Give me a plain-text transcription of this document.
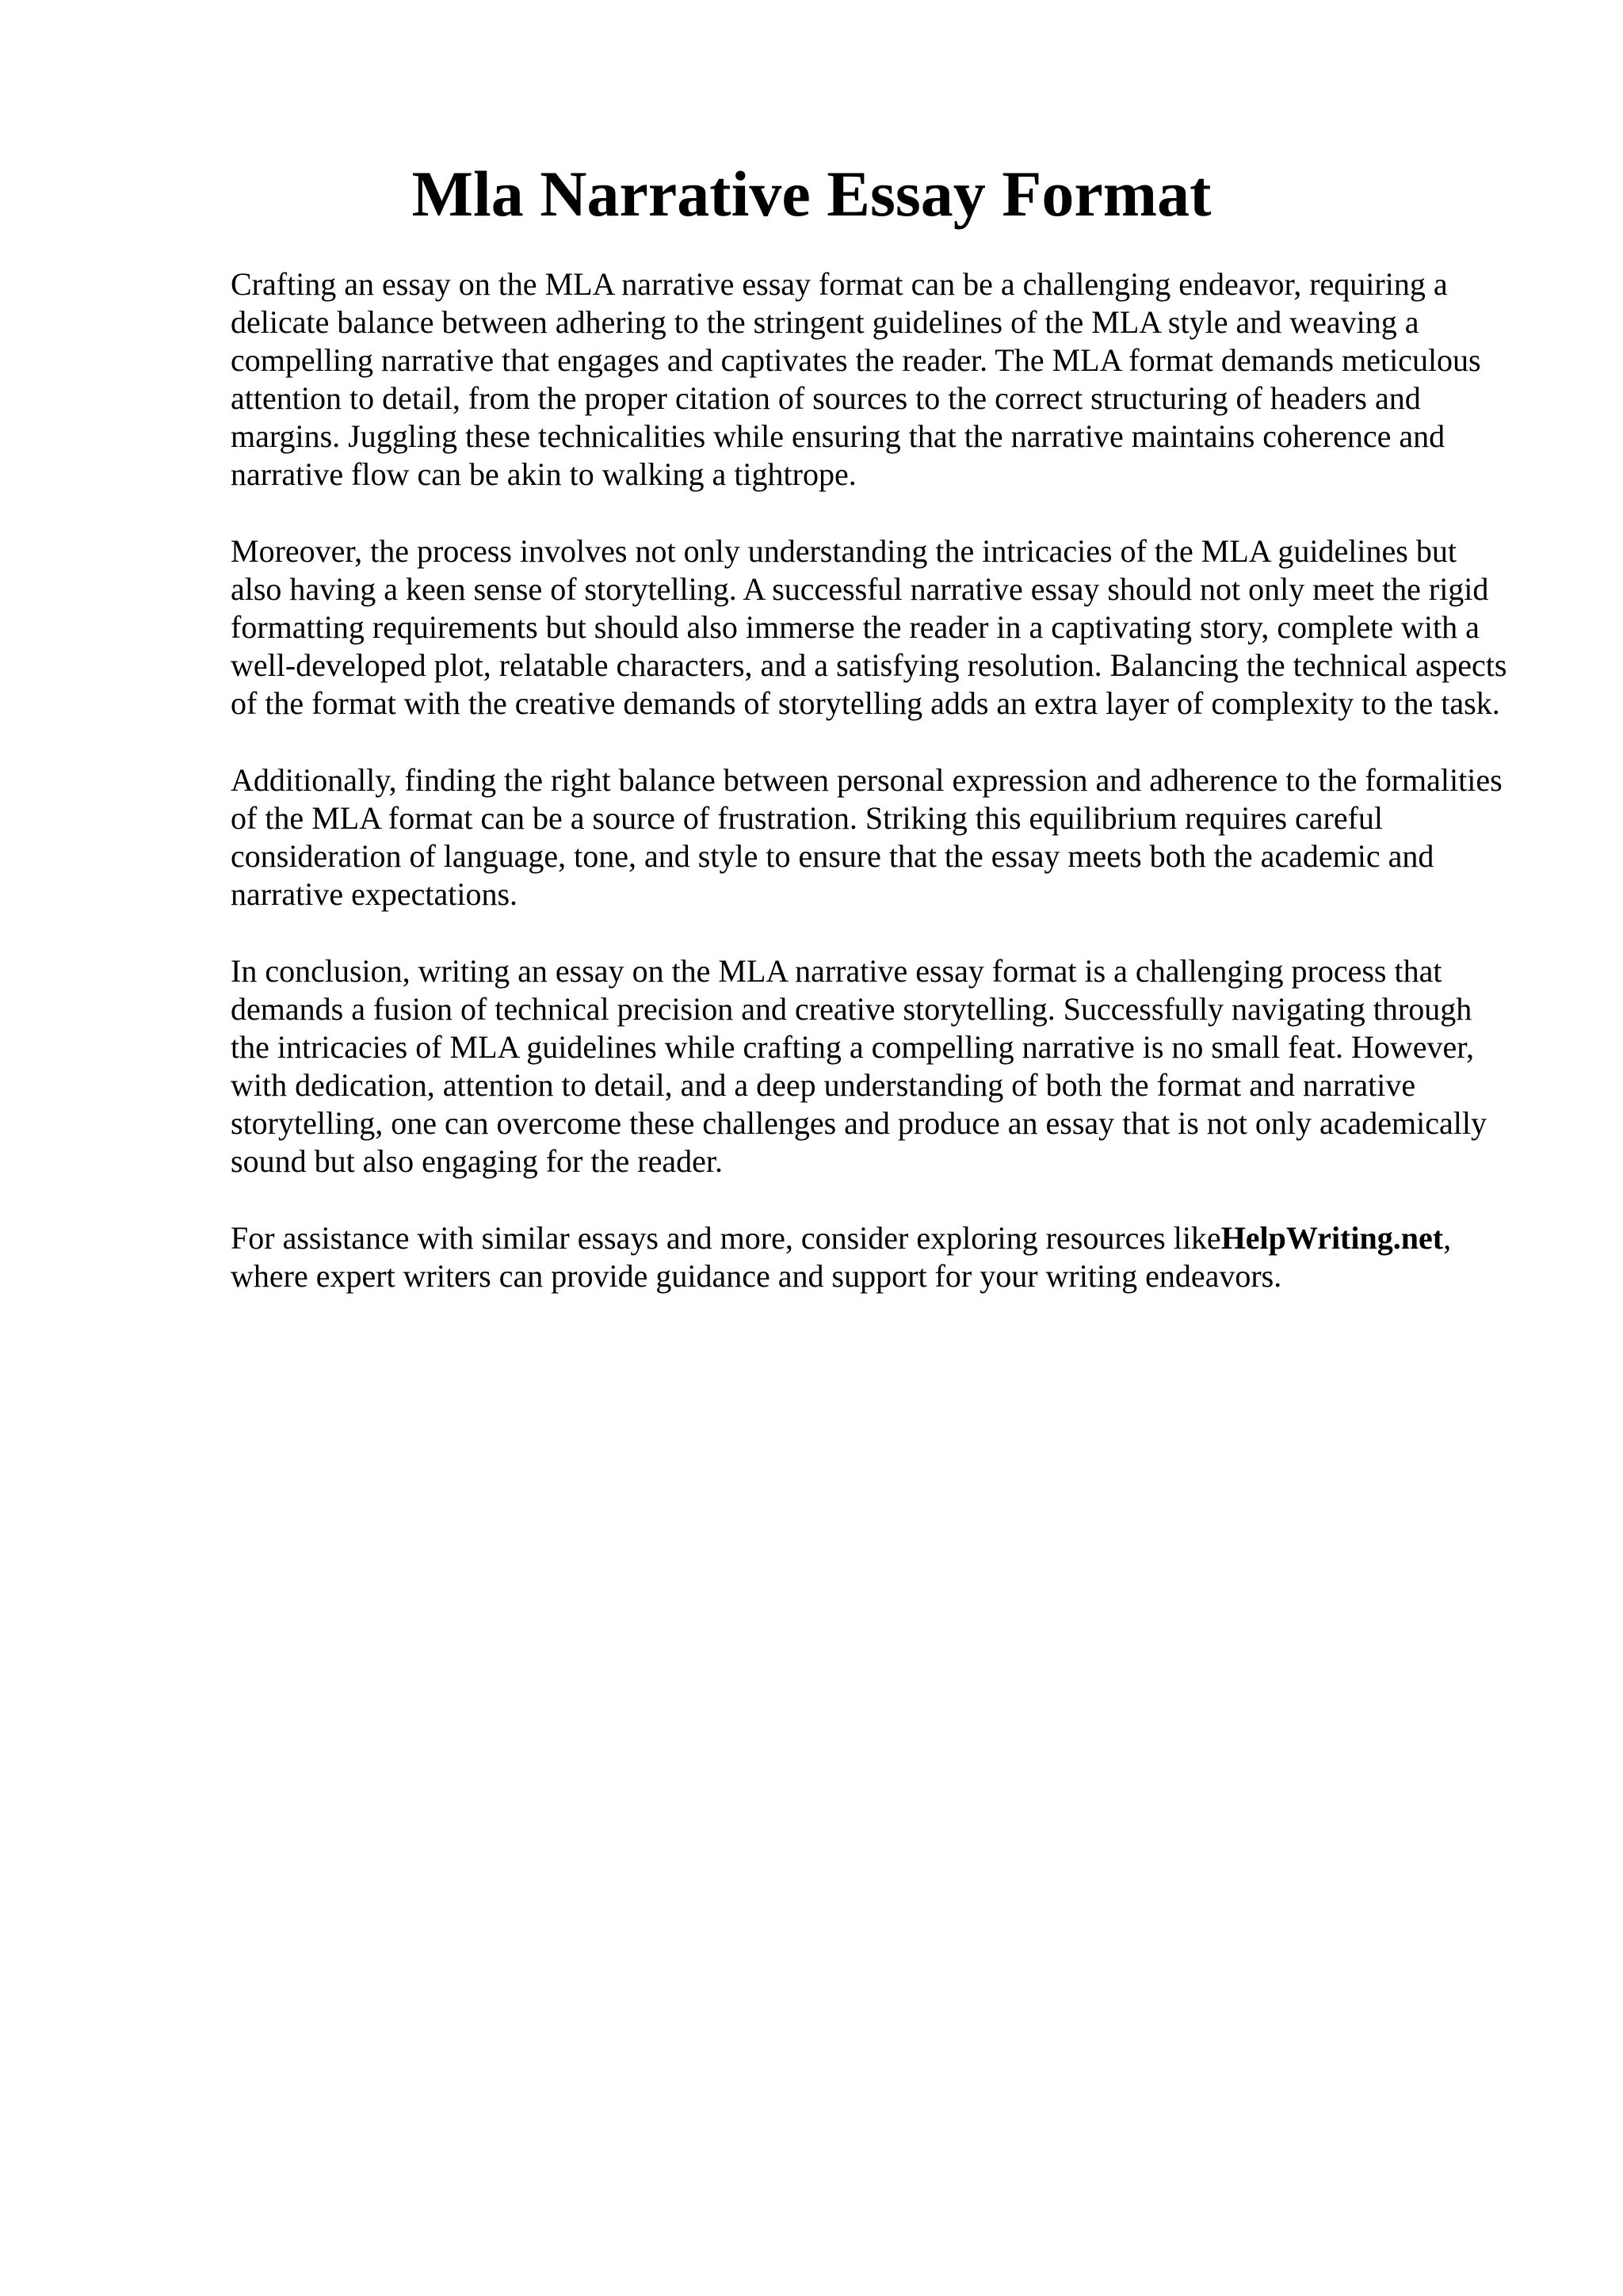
Mla Narrative Essay Format

Crafting an essay on the MLA narrative essay format can be a challenging endeavor, requiring a delicate balance between adhering to the stringent guidelines of the MLA style and weaving a compelling narrative that engages and captivates the reader. The MLA format demands meticulous attention to detail, from the proper citation of sources to the correct structuring of headers and margins. Juggling these technicalities while ensuring that the narrative maintains coherence and narrative flow can be akin to walking a tightrope.

Moreover, the process involves not only understanding the intricacies of the MLA guidelines but also having a keen sense of storytelling. A successful narrative essay should not only meet the rigid formatting requirements but should also immerse the reader in a captivating story, complete with a well-developed plot, relatable characters, and a satisfying resolution. Balancing the technical aspects of the format with the creative demands of storytelling adds an extra layer of complexity to the task.

Additionally, finding the right balance between personal expression and adherence to the formalities of the MLA format can be a source of frustration. Striking this equilibrium requires careful consideration of language, tone, and style to ensure that the essay meets both the academic and narrative expectations.

In conclusion, writing an essay on the MLA narrative essay format is a challenging process that demands a fusion of technical precision and creative storytelling. Successfully navigating through the intricacies of MLA guidelines while crafting a compelling narrative is no small feat. However, with dedication, attention to detail, and a deep understanding of both the format and narrative storytelling, one can overcome these challenges and produce an essay that is not only academically sound but also engaging for the reader.

For assistance with similar essays and more, consider exploring resources likeHelpWriting.net, where expert writers can provide guidance and support for your writing endeavors.
